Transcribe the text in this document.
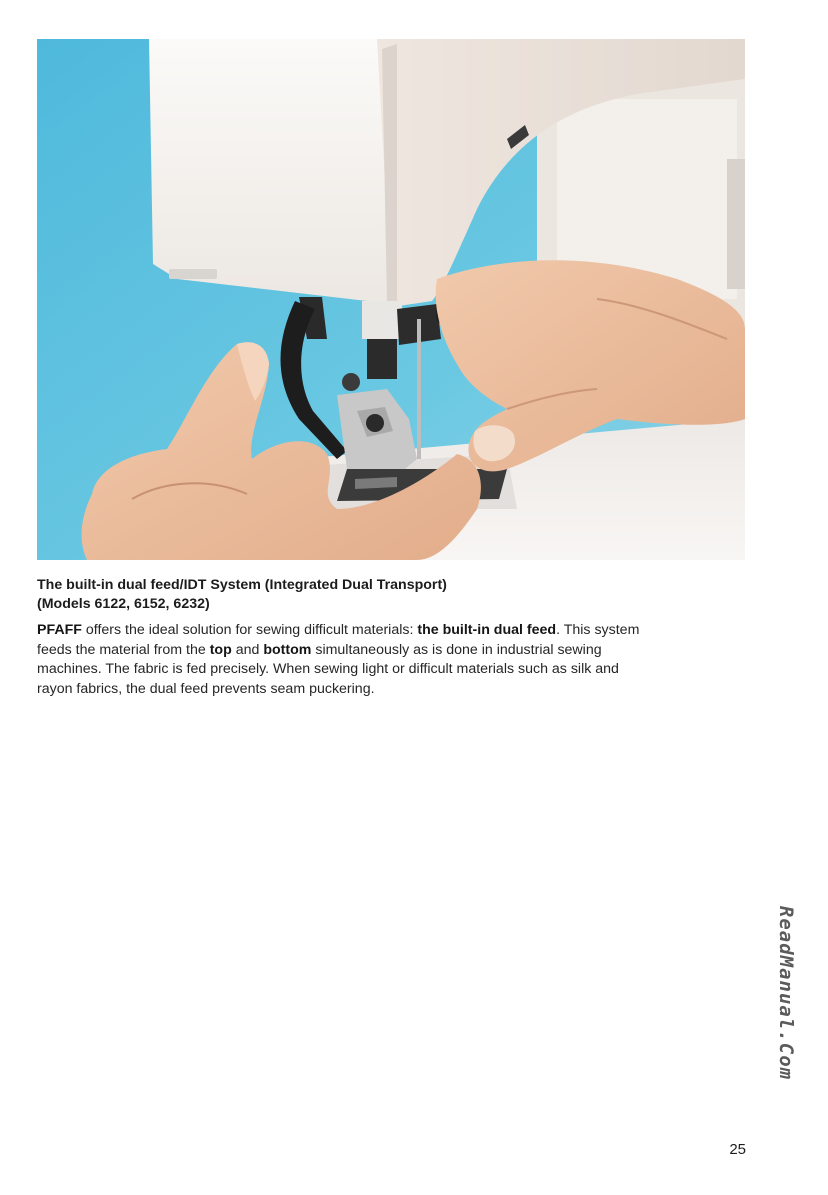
The built-in dual feed/IDT System (Integrated Dual Transport)
(Models 6122, 6152, 6232)
PFAFF offers the ideal solution for sewing difficult materials: the built-in dual feed. This system
feeds the material from the top and bottom simultaneously as is done in industrial sewing
machines. The fabric is fed precisely. When sewing light or difficult materials such as silk and
rayon fabrics, the dual feed prevents seam puckering.
ReadManual.Com
25
